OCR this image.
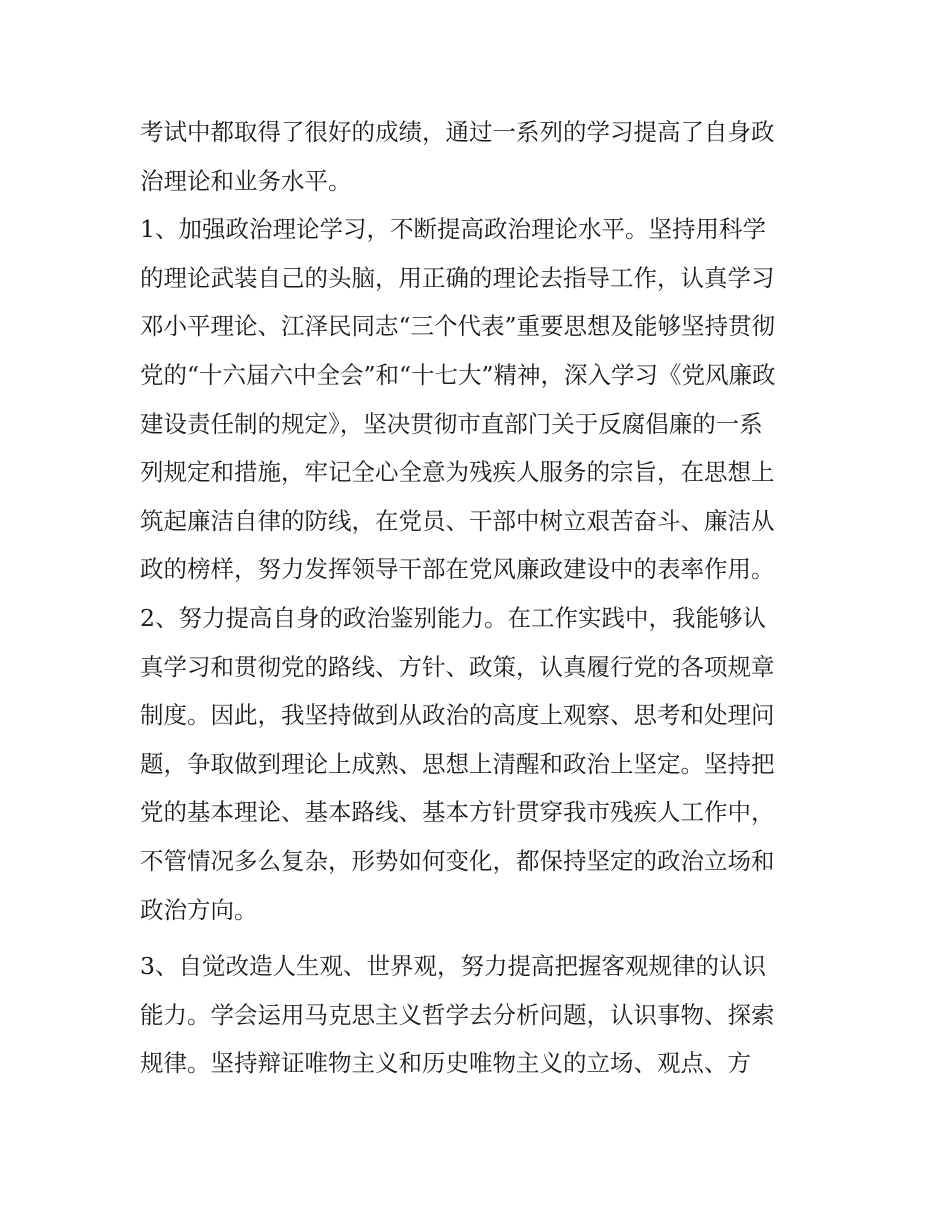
考试中都取得了很好的成绩，通过一系列的学习提高了自身政
治理论和业务水平。
1、加强政治理论学习，不断提高政治理论水平。坚持用科学
的理论武装自己的头脑，用正确的理论去指导工作，认真学习
邓小平理论、江泽民同志“三个代表”重要思想及能够坚持贯彻
党的“十六届六中全会”和“十七大”精神，深入学习《党风廉政
建设责任制的规定》，坚决贯彻市直部门关于反腐倡廉的一系
列规定和措施，牢记全心全意为残疾人服务的宗旨，在思想上
筑起廉洁自律的防线，在党员、干部中树立艰苦奋斗、廉洁从
政的榜样，努力发挥领导干部在党风廉政建设中的表率作用。
2、努力提高自身的政治鉴别能力。在工作实践中，我能够认
真学习和贯彻党的路线、方针、政策，认真履行党的各项规章
制度。因此，我坚持做到从政治的高度上观察、思考和处理问
题，争取做到理论上成熟、思想上清醒和政治上坚定。坚持把
党的基本理论、基本路线、基本方针贯穿我市残疾人工作中，
不管情况多么复杂，形势如何变化，都保持坚定的政治立场和
政治方向。
3、自觉改造人生观、世界观，努力提高把握客观规律的认识
能力。学会运用马克思主义哲学去分析问题，认识事物、探索
规律。坚持辩证唯物主义和历史唯物主义的立场、观点、方
